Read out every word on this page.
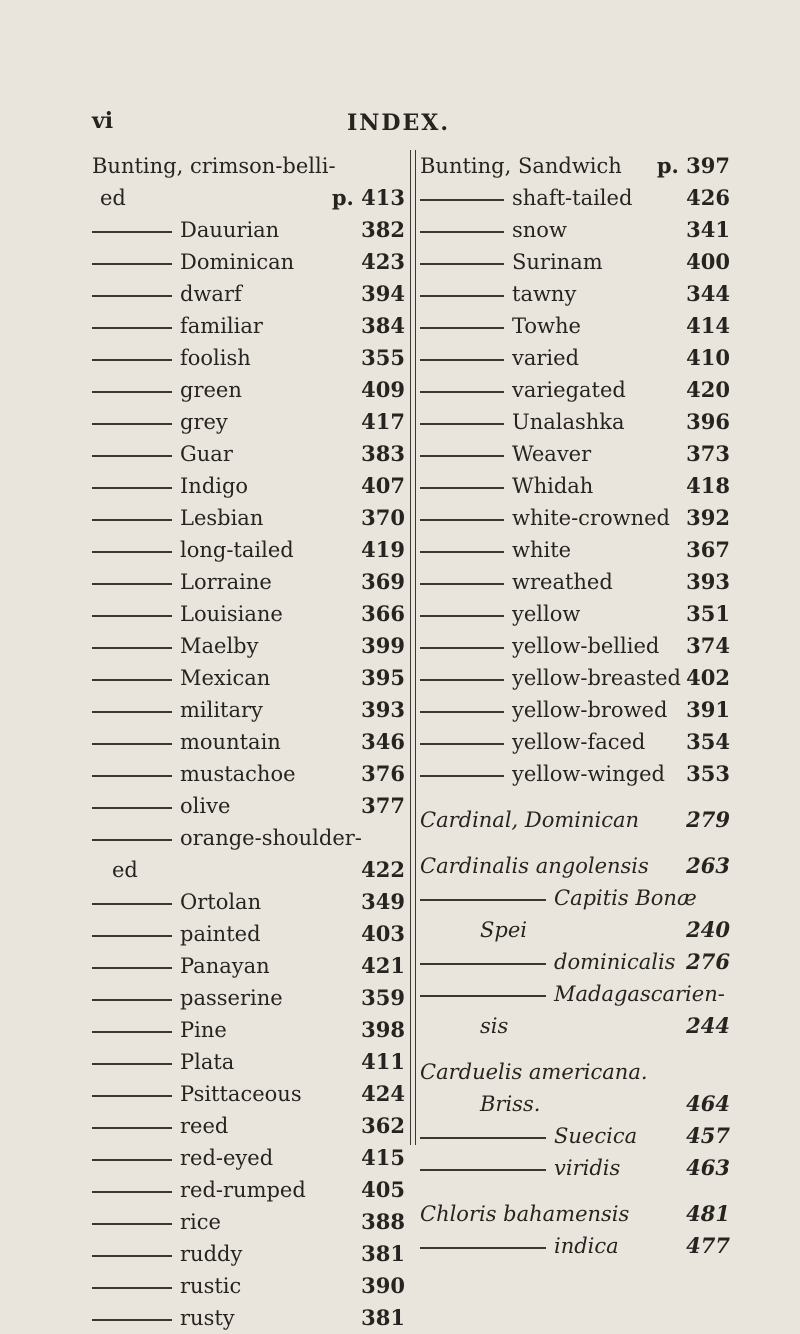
vi	INDEX.
Bunting, crimson-belli-
ed	p. 413
Dauurian	382
Dominican	423
dwarf	394
familiar	384
foolish	355
green	409
grey	417
Guar	383
Indigo	407
Lesbian	370
long-tailed	419
Lorraine	369
Louisiane	366
Maelby	399
Mexican	395
military	393
mountain	346
mustachoe	376
olive	377
orange-shoulder-
ed	422
Ortolan	349
painted	403
Panayan	421
passerine	359
Pine	398
Plata	411
Psittaceous	424
reed	362
red-eyed	415
red-rumped	405
rice	388
ruddy	381
rustic	390
rusty	381
Bunting, Sandwich p. 397
shaft-tailed	426
snow	341
Surinam	400
tawny	344
Towhe	414
varied	410
variegated	420
Unalashka	396
Weaver	373
Whidah	418
white-crowned 392
white	367
wreathed	393
yellow	351
yellow-bellied 374
yellow-breasted 402
yellow-browed 391
yellow-faced 354
yellow-winged 353
Cardinal, Dominican 279
Cardinalis angolensis 263
Capitis Bonæ
Spei	240
dominicalis 276
Madagascarien-
sis	244
Carduelis americana.
Briss.	464
Suecica 457
viridis	463
Chloris bahamensis	481
indica	477
